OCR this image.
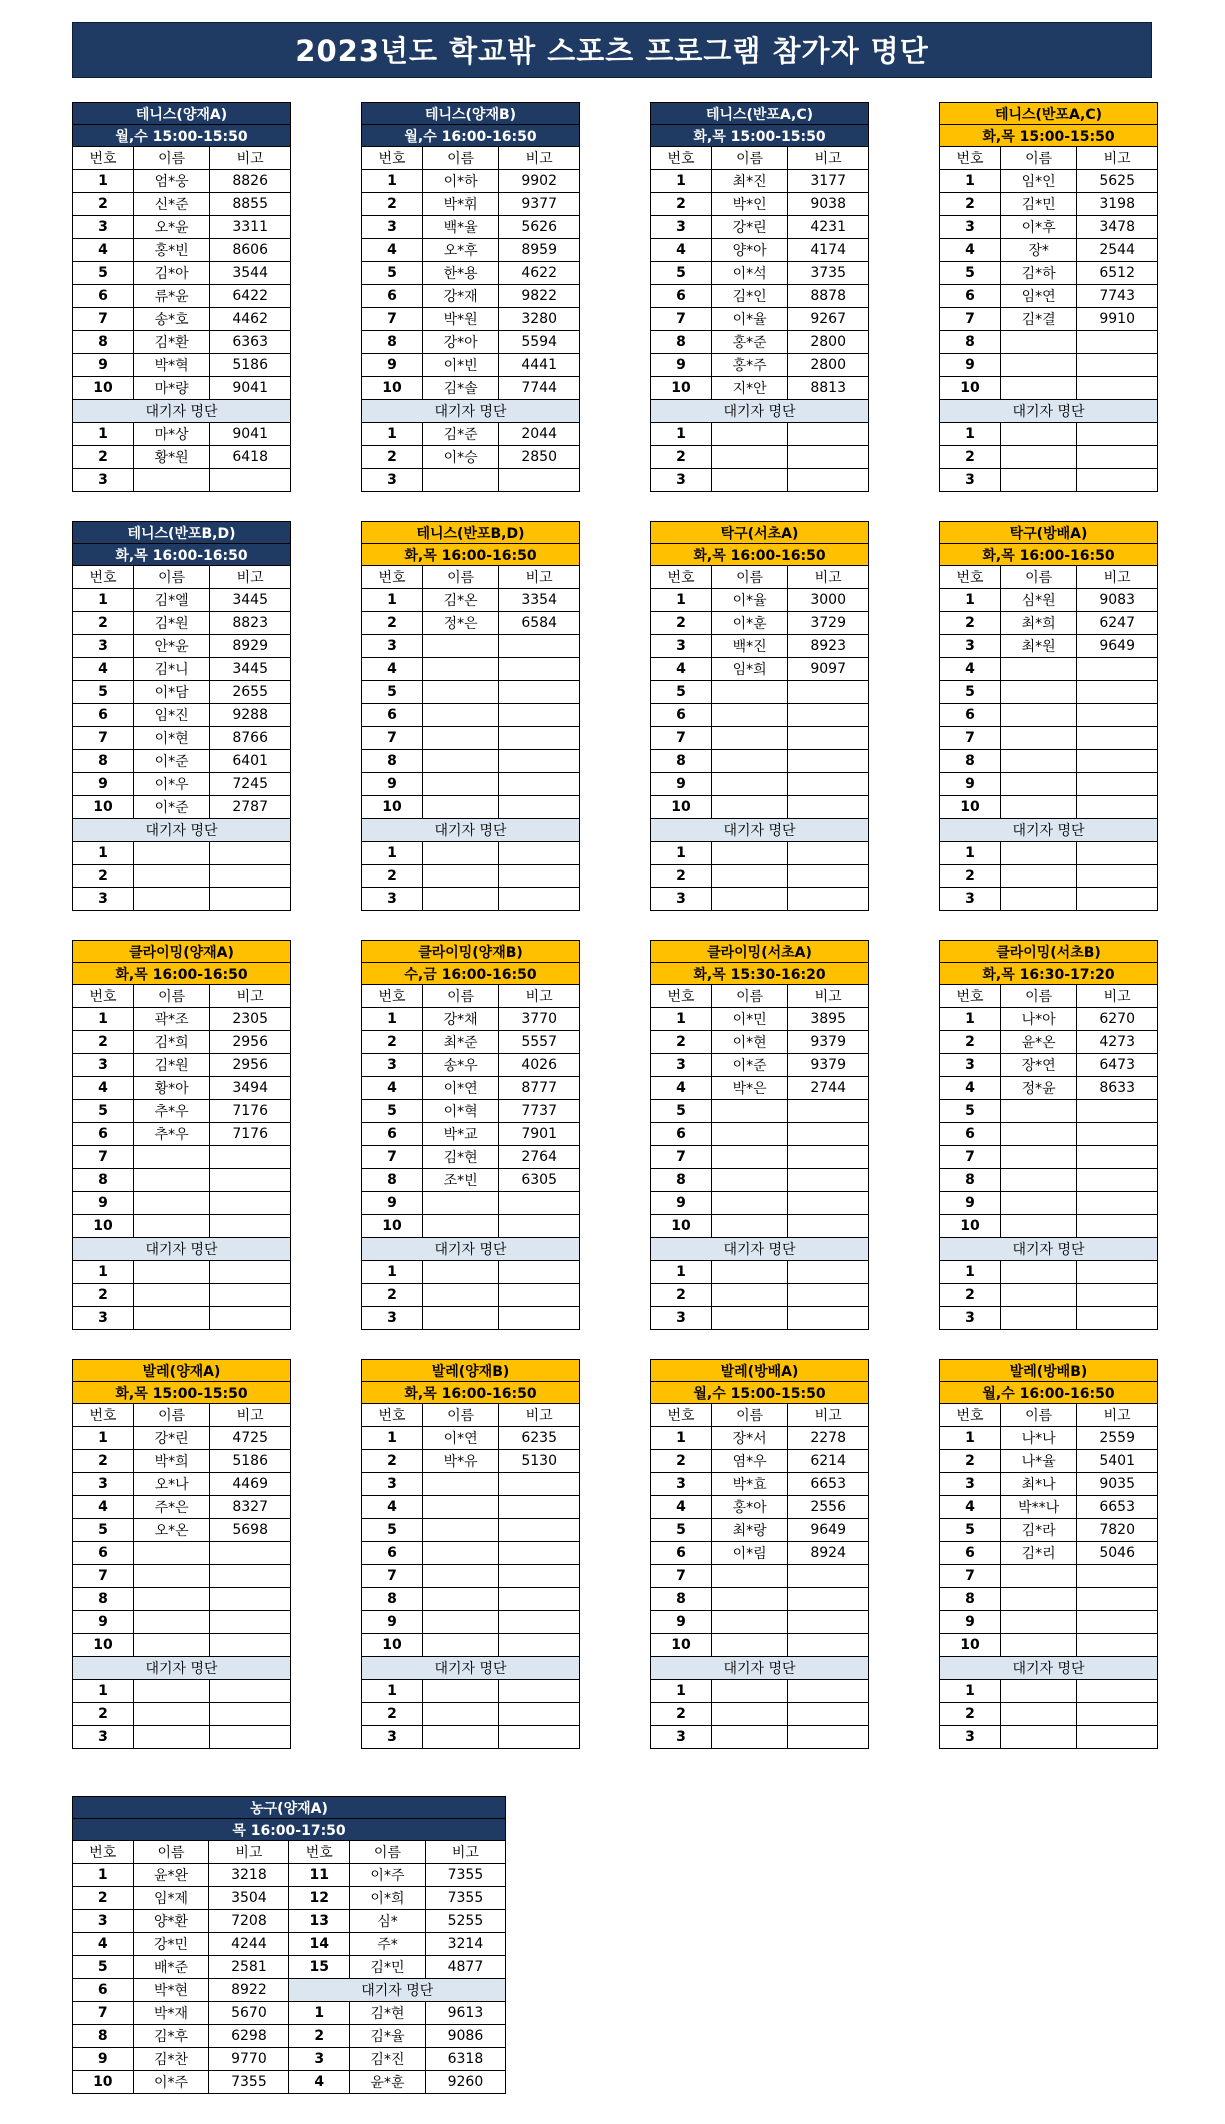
2023년도 학교밖 스포츠 프로그램 참가자 명단
테니스(양재A)		
월,수 15:00-15:50		
번호	이름	비고
1	엄*웅	8826
2	신*준	8855
3	오*윤	3311
4	홍*빈	8606
5	김*아	3544
6	류*윤	6422
7	송*호	4462
8	김*환	6363
9	박*혁	5186
10	마*량	9041
대기자 명단		
1	마*상	9041
2	황*원	6418
3		
테니스(양재B)		
월,수 16:00-16:50		
번호	이름	비고
1	이*하	9902
2	박*휘	9377
3	백*율	5626
4	오*후	8959
5	한*용	4622
6	강*재	9822
7	박*원	3280
8	강*아	5594
9	이*빈	4441
10	김*솔	7744
대기자 명단		
1	김*준	2044
2	이*승	2850
3		
테니스(반포A,C)		
화,목 15:00-15:50		
번호	이름	비고
1	최*진	3177
2	박*인	9038
3	강*린	4231
4	양*아	4174
5	이*석	3735
6	김*인	8878
7	이*율	9267
8	홍*준	2800
9	홍*주	2800
10	지*안	8813
대기자 명단		
1		
2		
3		
테니스(반포A,C)		
화,목 15:00-15:50		
번호	이름	비고
1	임*인	5625
2	김*민	3198
3	이*후	3478
4	장*	2544
5	김*하	6512
6	임*연	7743
7	김*결	9910
8		
9		
10		
대기자 명단		
1		
2		
3		
테니스(반포B,D)		
화,목 16:00-16:50		
번호	이름	비고
1	김*엘	3445
2	김*원	8823
3	안*윤	8929
4	김*니	3445
5	이*담	2655
6	임*진	9288
7	이*현	8766
8	이*준	6401
9	이*우	7245
10	이*준	2787
대기자 명단		
1		
2		
3		
테니스(반포B,D)		
화,목 16:00-16:50		
번호	이름	비고
1	김*온	3354
2	정*은	6584
3		
4		
5		
6		
7		
8		
9		
10		
대기자 명단		
1		
2		
3		
탁구(서초A)		
화,목 16:00-16:50		
번호	이름	비고
1	이*율	3000
2	이*훈	3729
3	백*진	8923
4	임*희	9097
5		
6		
7		
8		
9		
10		
대기자 명단		
1		
2		
3		
탁구(방배A)		
화,목 16:00-16:50		
번호	이름	비고
1	심*원	9083
2	최*희	6247
3	최*원	9649
4		
5		
6		
7		
8		
9		
10		
대기자 명단		
1		
2		
3		
클라이밍(양재A)		
화,목 16:00-16:50		
번호	이름	비고
1	곽*조	2305
2	김*희	2956
3	김*원	2956
4	황*아	3494
5	추*우	7176
6	추*우	7176
7		
8		
9		
10		
대기자 명단		
1		
2		
3		
클라이밍(양재B)		
수,금 16:00-16:50		
번호	이름	비고
1	강*채	3770
2	최*준	5557
3	송*우	4026
4	이*연	8777
5	이*혁	7737
6	박*교	7901
7	김*현	2764
8	조*빈	6305
9		
10		
대기자 명단		
1		
2		
3		
클라이밍(서초A)		
화,목 15:30-16:20		
번호	이름	비고
1	이*민	3895
2	이*현	9379
3	이*준	9379
4	박*은	2744
5		
6		
7		
8		
9		
10		
대기자 명단		
1		
2		
3		
클라이밍(서초B)		
화,목 16:30-17:20		
번호	이름	비고
1	나*아	6270
2	윤*온	4273
3	장*연	6473
4	정*윤	8633
5		
6		
7		
8		
9		
10		
대기자 명단		
1		
2		
3		
발레(양재A)		
화,목 15:00-15:50		
번호	이름	비고
1	강*린	4725
2	박*희	5186
3	오*나	4469
4	주*은	8327
5	오*온	5698
6		
7		
8		
9		
10		
대기자 명단		
1		
2		
3		
발레(양재B)		
화,목 16:00-16:50		
번호	이름	비고
1	이*연	6235
2	박*유	5130
3		
4		
5		
6		
7		
8		
9		
10		
대기자 명단		
1		
2		
3		
발레(방배A)		
월,수 15:00-15:50		
번호	이름	비고
1	장*서	2278
2	염*우	6214
3	박*효	6653
4	홍*아	2556
5	최*랑	9649
6	이*림	8924
7		
8		
9		
10		
대기자 명단		
1		
2		
3		
발레(방배B)		
월,수 16:00-16:50		
번호	이름	비고
1	나*나	2559
2	나*율	5401
3	최*나	9035
4	박**나	6653
5	김*라	7820
6	김*리	5046
7		
8		
9		
10		
대기자 명단		
1		
2		
3		
농구(양재A)					
목 16:00-17:50					
번호	이름	비고	번호	이름	비고
1	윤*완	3218	11	이*주	7355
2	임*제	3504	12	이*희	7355
3	양*환	7208	13	심*	5255
4	강*민	4244	14	주*	3214
5	배*준	2581	15	김*민	4877
6	박*현	8922	대기자 명단		
7	박*재	5670	1	김*현	9613
8	김*후	6298	2	김*율	9086
9	김*찬	9770	3	김*진	6318
10	이*주	7355	4	윤*훈	9260
